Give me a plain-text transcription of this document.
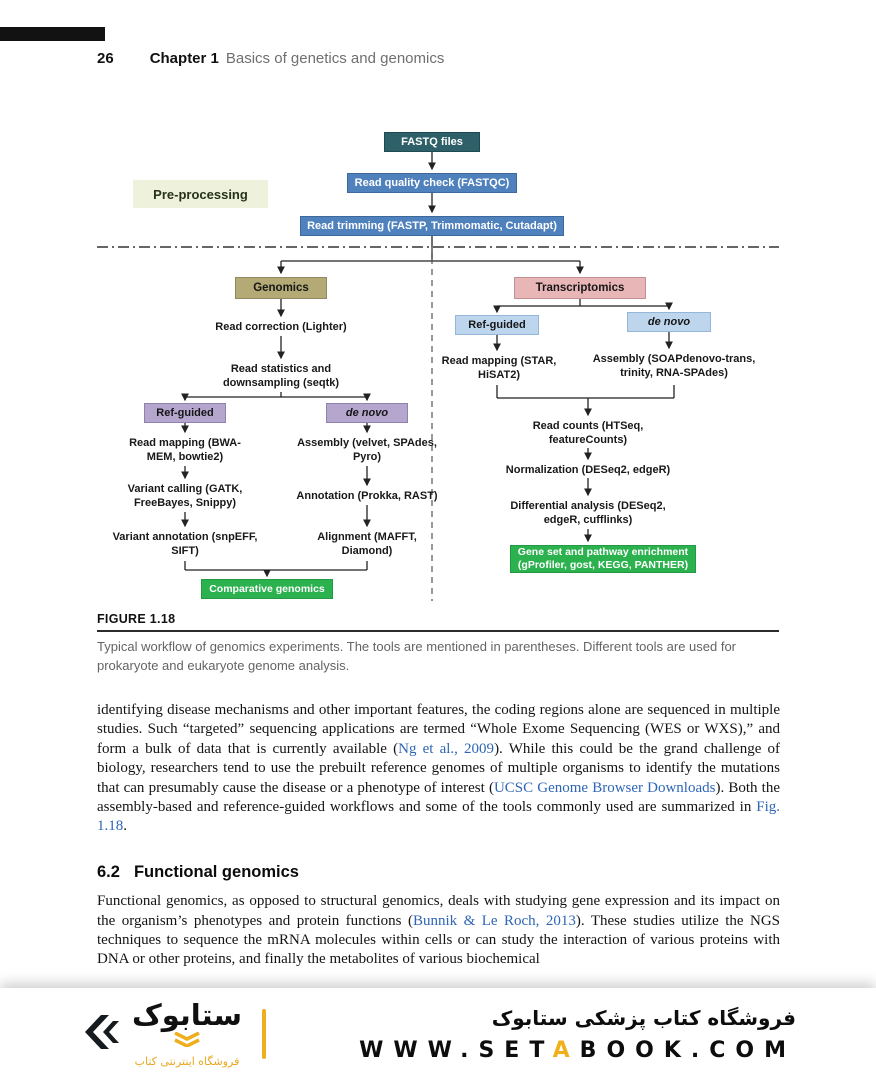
26 Chapter 1 Basics of genetics and genomics
FASTQ files
Read quality check (FASTQC)
Pre-processing
Read trimming (FASTP, Trimmomatic, Cutadapt)
Genomics	Transcriptomics
Read correction (Lighter)
Read statistics and downsampling (seqtk)
Ref-guided	de novo
Read mapping (BWA-MEM, bowtie2)
Variant calling (GATK, FreeBayes, Snippy)
Variant annotation (snpEFF, SIFT)
Assembly (velvet, SPAdes, Pyro)
Annotation (Prokka, RAST)
Alignment (MAFFT, Diamond)
Comparative genomics
Ref-guided	de novo
Read mapping (STAR, HiSAT2)
Assembly (SOAPdenovo-trans, trinity, RNA-SPAdes)
Read counts (HTSeq, featureCounts)
Normalization (DESeq2, edgeR)
Differential analysis (DESeq2, edgeR, cufflinks)
Gene set and pathway enrichment (gProfiler, gost, KEGG, PANTHER)
FIGURE 1.18
Typical workflow of genomics experiments. The tools are mentioned in parentheses. Different tools are used for prokaryote and eukaryote genome analysis.

identifying disease mechanisms and other important features, the coding regions alone are sequenced in multiple studies. Such “targeted” sequencing applications are termed “Whole Exome Sequencing (WES or WXS),” and form a bulk of data that is currently available (Ng et al., 2009). While this could be the grand challenge of biology, researchers tend to use the prebuilt reference genomes of multiple organisms to identify the mutations that can presumably cause the disease or a phenotype of interest (UCSC Genome Browser Downloads). Both the assembly-based and reference-guided workflows and some of the tools commonly used are summarized in Fig. 1.18.

6.2 Functional genomics

Functional genomics, as opposed to structural genomics, deals with studying gene expression and its impact on the organism’s phenotypes and protein functions (Bunnik & Le Roch, 2013). These studies utilize the NGS techniques to sequence the mRNA molecules within cells or can study the interaction of various proteins with DNA or other proteins, and finally the metabolites of various biochemical

ستابوک
فروشگاه اینترنتی کتاب
فروشگاه کتاب پزشکی ستابوک
WWW.SETABOOK.COM
